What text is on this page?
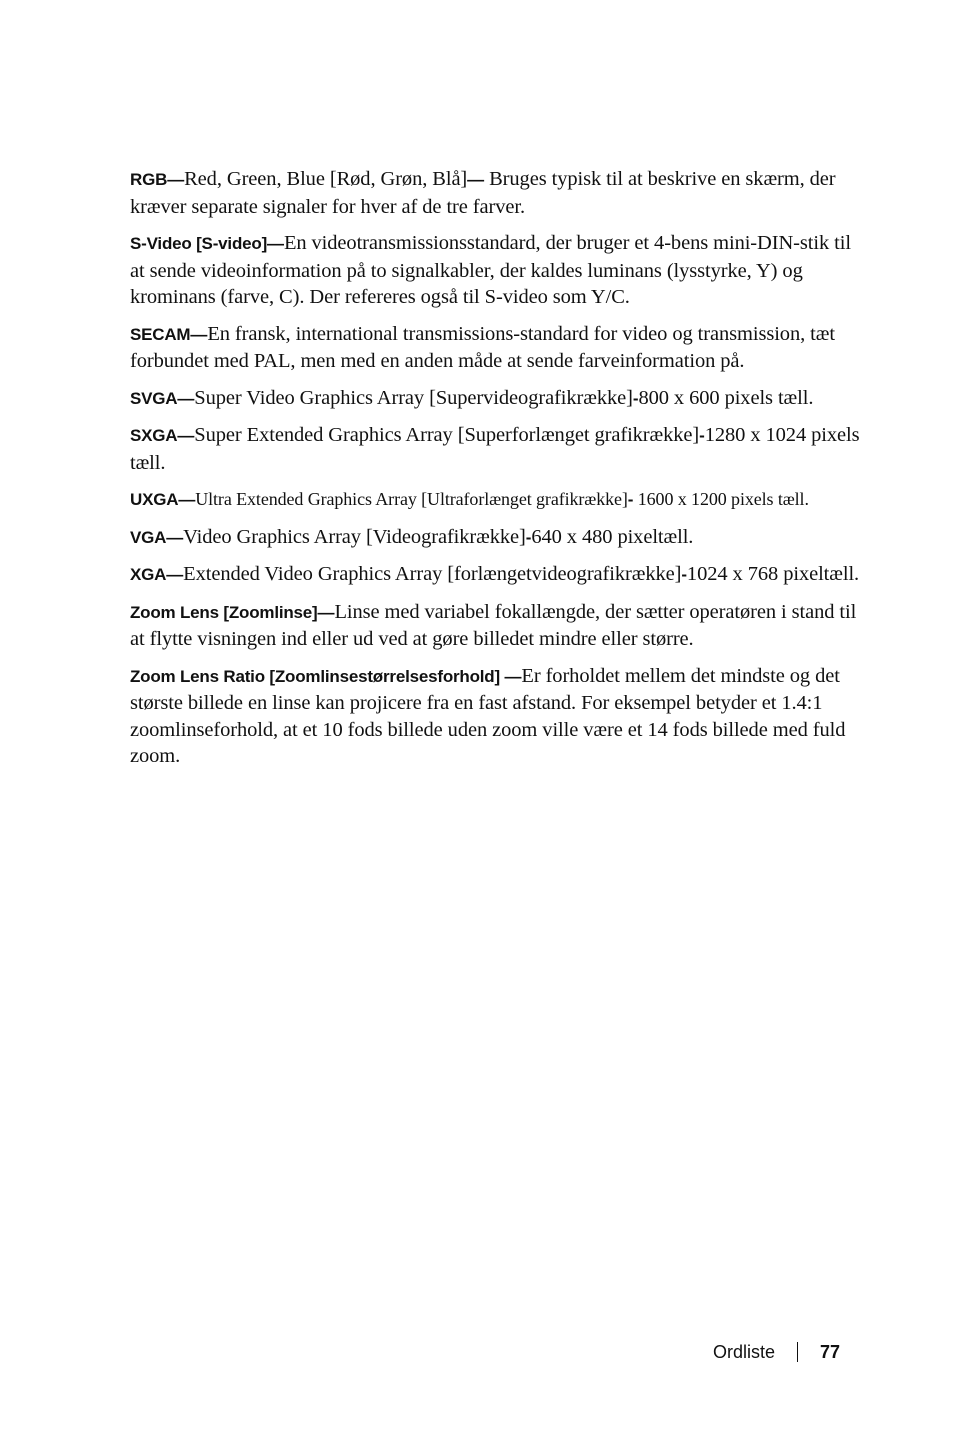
RGB—Red, Green, Blue [Rød, Grøn, Blå]— Bruges typisk til at beskrive en skærm, der kræver separate signaler for hver af de tre farver.

S-Video [S-video]—En videotransmissionsstandard, der bruger et 4-bens mini-DIN-stik til at sende videoinformation på to signalkabler, der kaldes luminans (lysstyrke, Y) og krominans (farve, C). Der refereres også til S-video som Y/C.

SECAM—En fransk, international transmissions-standard for video og transmission, tæt forbundet med PAL, men med en anden måde at sende farveinformation på.

SVGA—Super Video Graphics Array [Supervideografikrække]-800 x 600 pixels tæll.

SXGA—Super Extended Graphics Array [Superforlænget grafikrække]-1280 x 1024 pixels tæll.

UXGA—Ultra Extended Graphics Array [Ultraforlænget grafikrække]- 1600 x 1200 pixels tæll.

VGA—Video Graphics Array [Videografikrække]-640 x 480 pixeltæll.

XGA—Extended Video Graphics Array [forlængetvideografikrække]-1024 x 768 pixeltæll.

Zoom Lens [Zoomlinse]—Linse med variabel fokallængde, der sætter operatøren i stand til at flytte visningen ind eller ud ved at gøre billedet mindre eller større.

Zoom Lens Ratio [Zoomlinsestørrelsesforhold] —Er forholdet mellem det mindste og det største billede en linse kan projicere fra en fast afstand. For eksempel betyder et 1.4:1 zoomlinseforhold, at et 10 fods billede uden zoom ville være et 14 fods billede med fuld zoom.

Ordliste	77
